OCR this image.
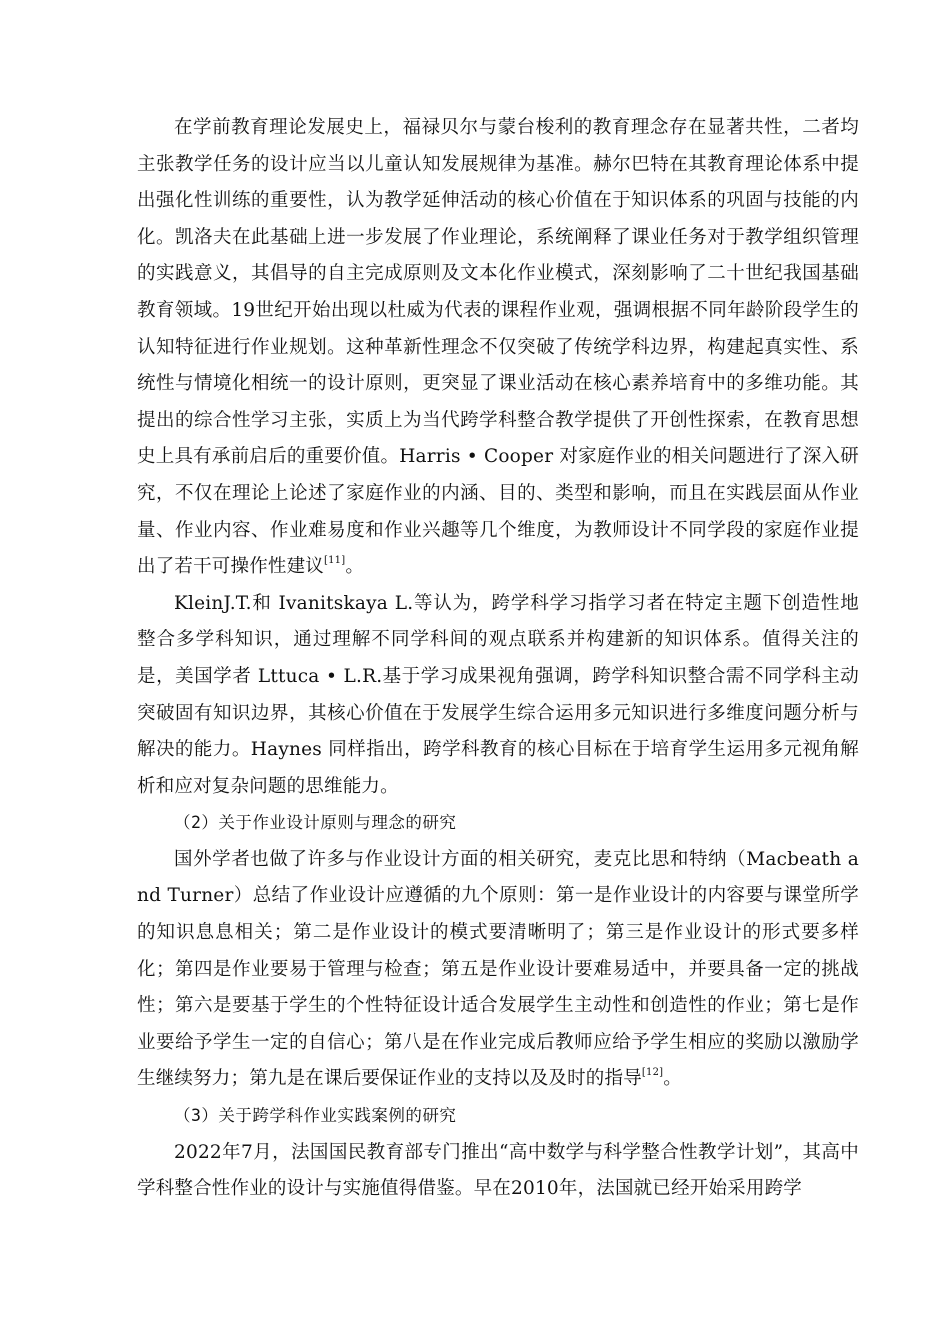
在学前教育理论发展史上，福禄贝尔与蒙台梭利的教育理念存在显著共性，二者均主张教学任务的设计应当以儿童认知发展规律为基准。赫尔巴特在其教育理论体系中提出强化性训练的重要性，认为教学延伸活动的核心价值在于知识体系的巩固与技能的内化。凯洛夫在此基础上进一步发展了作业理论，系统阐释了课业任务对于教学组织管理的实践意义，其倡导的自主完成原则及文本化作业模式，深刻影响了二十世纪我国基础教育领域。19世纪开始出现以杜威为代表的课程作业观，强调根据不同年龄阶段学生的认知特征进行作业规划。这种革新性理念不仅突破了传统学科边界，构建起真实性、系统性与情境化相统一的设计原则，更突显了课业活动在核心素养培育中的多维功能。其提出的综合性学习主张，实质上为当代跨学科整合教学提供了开创性探索，在教育思想史上具有承前启后的重要价值。Harris • Cooper 对家庭作业的相关问题进行了深入研究，不仅在理论上论述了家庭作业的内涵、目的、类型和影响，而且在实践层面从作业量、作业内容、作业难易度和作业兴趣等几个维度，为教师设计不同学段的家庭作业提出了若干可操作性建议[11]。

KleinJ.T.和 Ivanitskaya L.等认为，跨学科学习指学习者在特定主题下创造性地整合多学科知识，通过理解不同学科间的观点联系并构建新的知识体系。值得关注的是，美国学者 Lttuca • L.R.基于学习成果视角强调，跨学科知识整合需不同学科主动突破固有知识边界，其核心价值在于发展学生综合运用多元知识进行多维度问题分析与解决的能力。Haynes 同样指出，跨学科教育的核心目标在于培育学生运用多元视角解析和应对复杂问题的思维能力。

（2）关于作业设计原则与理念的研究

国外学者也做了许多与作业设计方面的相关研究，麦克比思和特纳（Macbeath and Turner）总结了作业设计应遵循的九个原则：第一是作业设计的内容要与课堂所学的知识息息相关；第二是作业设计的模式要清晰明了；第三是作业设计的形式要多样化；第四是作业要易于管理与检查；第五是作业设计要难易适中，并要具备一定的挑战性；第六是要基于学生的个性特征设计适合发展学生主动性和创造性的作业；第七是作业要给予学生一定的自信心；第八是在作业完成后教师应给予学生相应的奖励以激励学生继续努力；第九是在课后要保证作业的支持以及及时的指导[12]。

（3）关于跨学科作业实践案例的研究

2022年7月，法国国民教育部专门推出“高中数学与科学整合性教学计划”，其高中学科整合性作业的设计与实施值得借鉴。早在2010年，法国就已经开始采用跨学
